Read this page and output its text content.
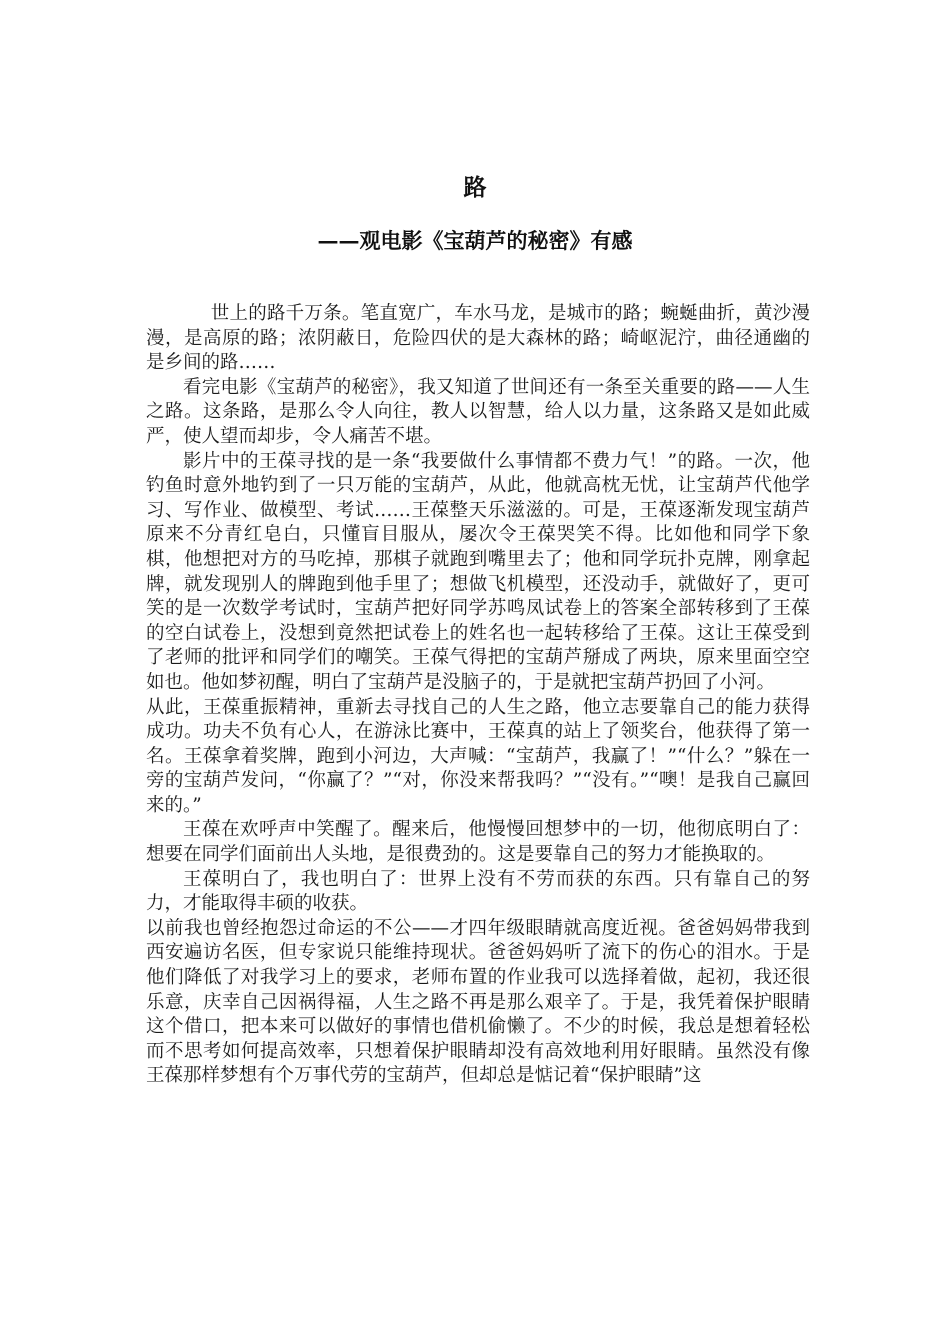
路
——观电影《宝葫芦的秘密》有感

世上的路千万条。笔直宽广，车水马龙，是城市的路；蜿蜒曲折，黄沙漫漫，是高原的路；浓阴蔽日，危险四伏的是大森林的路；崎岖泥泞，曲径通幽的是乡间的路……

看完电影《宝葫芦的秘密》，我又知道了世间还有一条至关重要的路——人生之路。这条路，是那么令人向往，教人以智慧，给人以力量，这条路又是如此威严，使人望而却步，令人痛苦不堪。

影片中的王葆寻找的是一条“我要做什么事情都不费力气！”的路。一次，他钓鱼时意外地钓到了一只万能的宝葫芦，从此，他就高枕无忧，让宝葫芦代他学习、写作业、做模型、考试……王葆整天乐滋滋的。可是，王葆逐渐发现宝葫芦原来不分青红皂白，只懂盲目服从，屡次令王葆哭笑不得。比如他和同学下象棋，他想把对方的马吃掉，那棋子就跑到嘴里去了；他和同学玩扑克牌，刚拿起牌，就发现别人的牌跑到他手里了；想做飞机模型，还没动手，就做好了，更可笑的是一次数学考试时，宝葫芦把好同学苏鸣凤试卷上的答案全部转移到了王葆的空白试卷上，没想到竟然把试卷上的姓名也一起转移给了王葆。这让王葆受到了老师的批评和同学们的嘲笑。王葆气得把的宝葫芦掰成了两块，原来里面空空如也。他如梦初醒，明白了宝葫芦是没脑子的，于是就把宝葫芦扔回了小河。

从此，王葆重振精神，重新去寻找自己的人生之路，他立志要靠自己的能力获得成功。功夫不负有心人，在游泳比赛中，王葆真的站上了领奖台，他获得了第一名。王葆拿着奖牌，跑到小河边，大声喊：“宝葫芦，我赢了！”“什么？”躲在一旁的宝葫芦发问，“你赢了？”“对，你没来帮我吗？”“没有。”“噢！是我自己赢回来的。”

王葆在欢呼声中笑醒了。醒来后，他慢慢回想梦中的一切，他彻底明白了：想要在同学们面前出人头地，是很费劲的。这是要靠自己的努力才能换取的。

王葆明白了，我也明白了：世界上没有不劳而获的东西。只有靠自己的努力，才能取得丰硕的收获。

以前我也曾经抱怨过命运的不公——才四年级眼睛就高度近视。爸爸妈妈带我到西安遍访名医，但专家说只能维持现状。爸爸妈妈听了流下的伤心的泪水。于是他们降低了对我学习上的要求，老师布置的作业我可以选择着做，起初，我还很乐意，庆幸自己因祸得福，人生之路不再是那么艰辛了。于是，我凭着保护眼睛这个借口，把本来可以做好的事情也借机偷懒了。不少的时候，我总是想着轻松而不思考如何提高效率，只想着保护眼睛却没有高效地利用好眼睛。虽然没有像王葆那样梦想有个万事代劳的宝葫芦，但却总是惦记着“保护眼睛”这
